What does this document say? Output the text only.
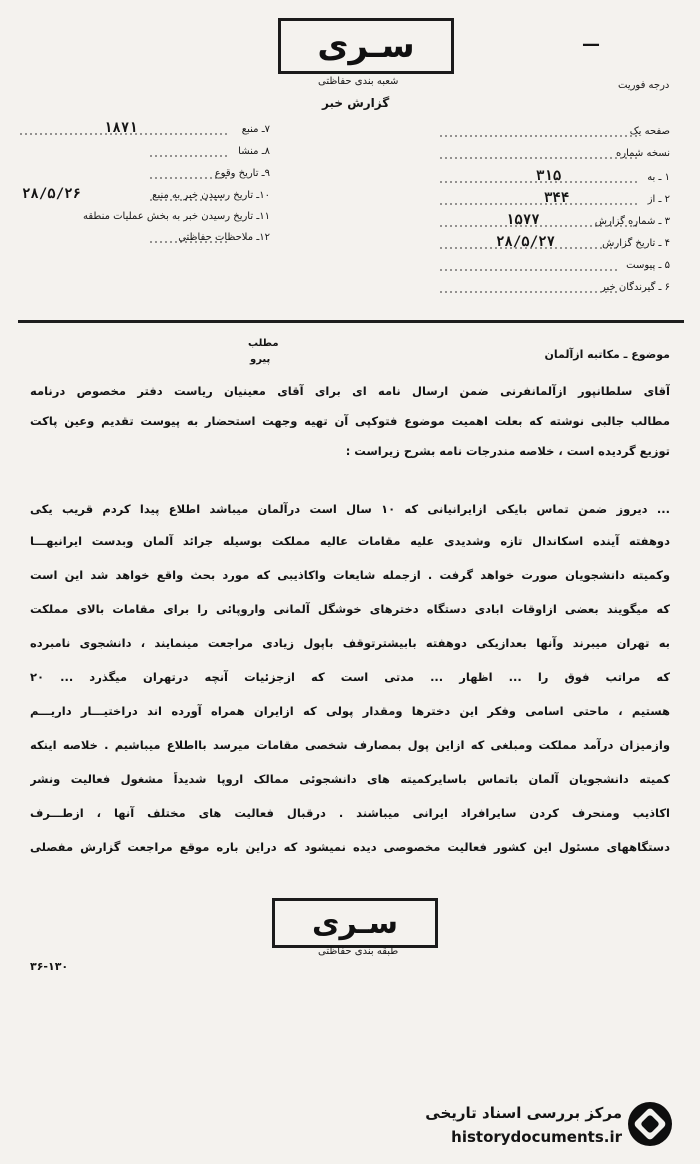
سـرى	—
درجه فوریت
شعبه بندی حفاظتی
گزارش خبر
۷ـ منبع
۱۸۷۱
۸ـ منشا
۹ـ تاریخ وقوع
۱۰ـ تاریخ رسیدن خبر به منبع
۲۸/۵/۲۶
۱۱ـ تاریخ رسیدن خبر به بخش عملیات منطقه
۱۲ـ ملاحظات حفاظتی
صفحه یک
نسخه شماره
۱ ـ به
۳۱۵
۲ ـ از
۳۴۴
۳ ـ شماره گزارش
۱۵۷۷
۴ ـ تاریخ گزارش
۲۸/۵/۲۷
۵ ـ پیوست
۶ ـ گیرندگان خبر
مطلب
پیرو	موضوع ـ مکاتبه ازآلمان
آقای سلطانپور ازآلمانفرنی ضمن ارسال نامه ای برای آقای معینیان ریاست دفتر مخصوص درنامه
مطالب جالبی نوشته که بعلت اهمیت موضوع فتوکپی آن تهیه وجهت استحضار به پیوست تقدیم وعین پاکت
توزیع گردیده است ، خلاصه مندرجات نامه بشرح زیراست :
... دیروز ضمن تماس بایکی ازایرانیانی که ۱۰ سال است درآلمان میباشد اطلاع پیدا کردم قریب یکی
دوهفته آینده اسکاندال تازه وشدیدی علیه مقامات عالیه مملکت بوسیله جرائد آلمان وبدست ایرانیهـــا
وکمیته دانشجویان صورت خواهد گرفت . ازجمله شایعات واکاذیبی که مورد بحث واقع خواهد شد این است
که میگویند بعضی ازاوقات ابادی دستگاه دخترهای خوشگل آلمانی واروپائی را برای مقامات بالای مملکت
به تهران میبرند وآنها بعدازیکی دوهفته بابیشترتوقف باپول زیادی مراجعت مینمایند ، دانشجوی نامبرده
که مراتب فوق را ... اظهار ... مدتی است که ازجزئیات آنچه درتهران میگذرد ... ۲۰
هستیم ، ماحتی اسامی وفکر این دخترها ومقدار پولی که ازایران همراه آورده اند دراختیـــار داریـــم
وازمیزان درآمد مملکت ومبلغی که ازاین پول بمصارف شخصی مقامات میرسد بااطلاع میباشیم . خلاصه اینکه
کمیته دانشجویان آلمان باتماس باسایرکمیته های دانشجوئی ممالک اروپا شدیداً مشغول فعالیت ونشر
اکاذیب ومنحرف کردن سایرافراد ایرانی میباشند . درقبال فعالیت های مختلف آنها ، ازطـــرف
دستگاههای مسئول این کشور فعالیت مخصوصی دیده نمیشود که دراین باره موقع مراجعت گزارش مفصلی
سـرى
طبقه بندی حفاظتی
۳۶-۱۳۰
مرکز بررسی اسناد تاریخی
historydocuments.ir
